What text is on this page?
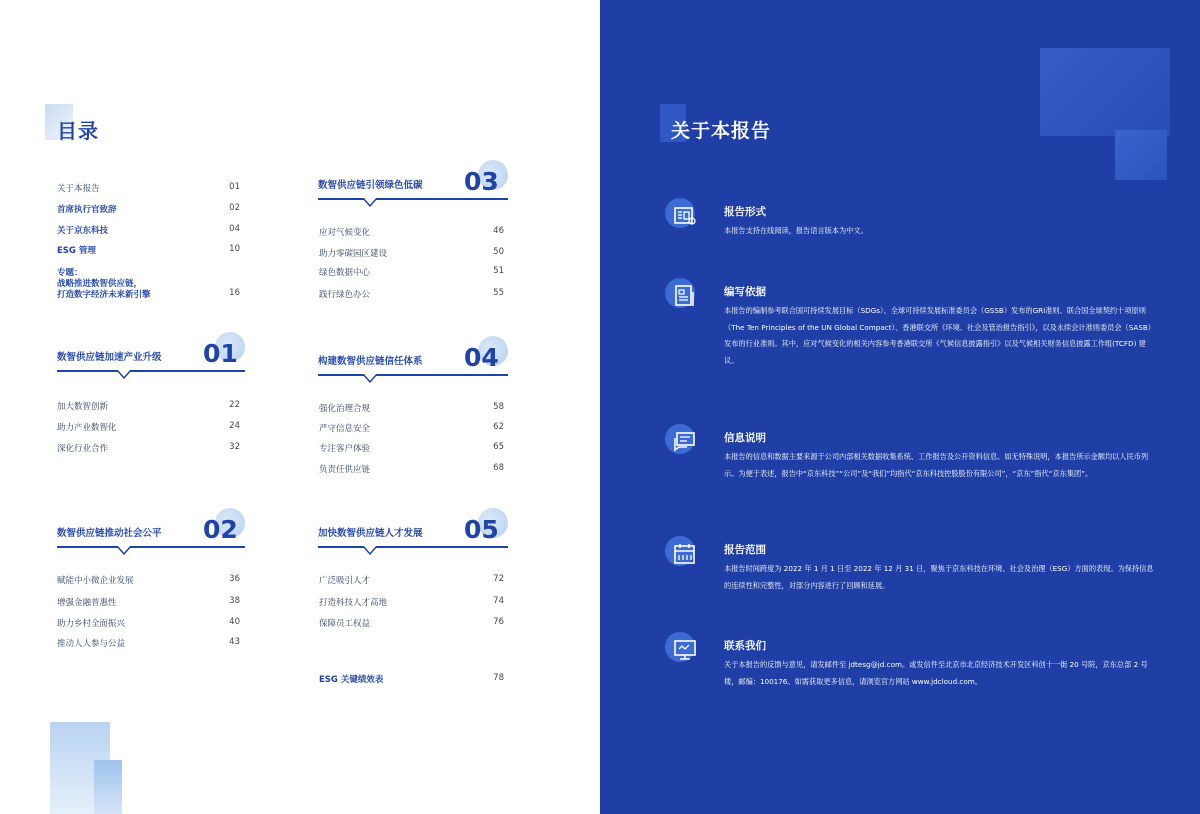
目录
关于本报告	01
首席执行官致辞	02
关于京东科技	04
ESG 管理	10
专题：
战略推进数智供应链，
打造数字经济未来新引擎	16
数智供应链加速产业升级 01
加大数智创新	22
助力产业数智化	24
深化行业合作	32
数智供应链推动社会公平 02
赋能中小微企业发展	36
增强金融普惠性	38
助力乡村全面振兴	40
推动人人参与公益	43
数智供应链引领绿色低碳 03
应对气候变化	46
助力零碳园区建设	50
绿色数据中心	51
践行绿色办公	55
构建数智供应链信任体系 04
强化治理合规	58
严守信息安全	62
专注客户体验	65
负责任供应链	68
加快数智供应链人才发展 05
广泛吸引人才	72
打造科技人才高地	74
保障员工权益	76
ESG 关键绩效表	78
关于本报告
报告形式
本报告支持在线阅读，报告语言版本为中文。
编写依据
本报告的编制参考联合国可持续发展目标（SDGs）、全球可持续发展标准委员会（GSSB）发布的GRI准则、联合国全球契约十项原则（The Ten Principles of the UN Global Compact）、香港联交所《环境、社会及管治报告指引》，以及永续会计准则委员会（SASB）发布的行业准则。其中，应对气候变化的相关内容参考香港联交所《气候信息披露指引》以及气候相关财务信息披露工作组(TCFD) 建议。
信息说明
本报告的信息和数据主要来源于公司内部相关数据收集系统、工作报告及公开资料信息。如无特殊说明，本报告所示金额均以人民币列示。为便于表述，报告中“京东科技”“公司”及“我们”均指代“京东科技控股股份有限公司”，“京东”指代“京东集团”。
报告范围
本报告时间跨度为 2022 年 1 月 1 日至 2022 年 12 月 31 日，聚焦于京东科技在环境、社会及治理（ESG）方面的表现。为保持信息的连续性和完整性，对部分内容进行了回顾和延展。
联系我们
关于本报告的反馈与意见，请发邮件至 jdtesg@jd.com。或发信件至北京市北京经济技术开发区科创十一街 20 号院，京东总部 2 号楼，邮编：100176。如需获取更多信息，请浏览官方网站 www.jdcloud.com。
